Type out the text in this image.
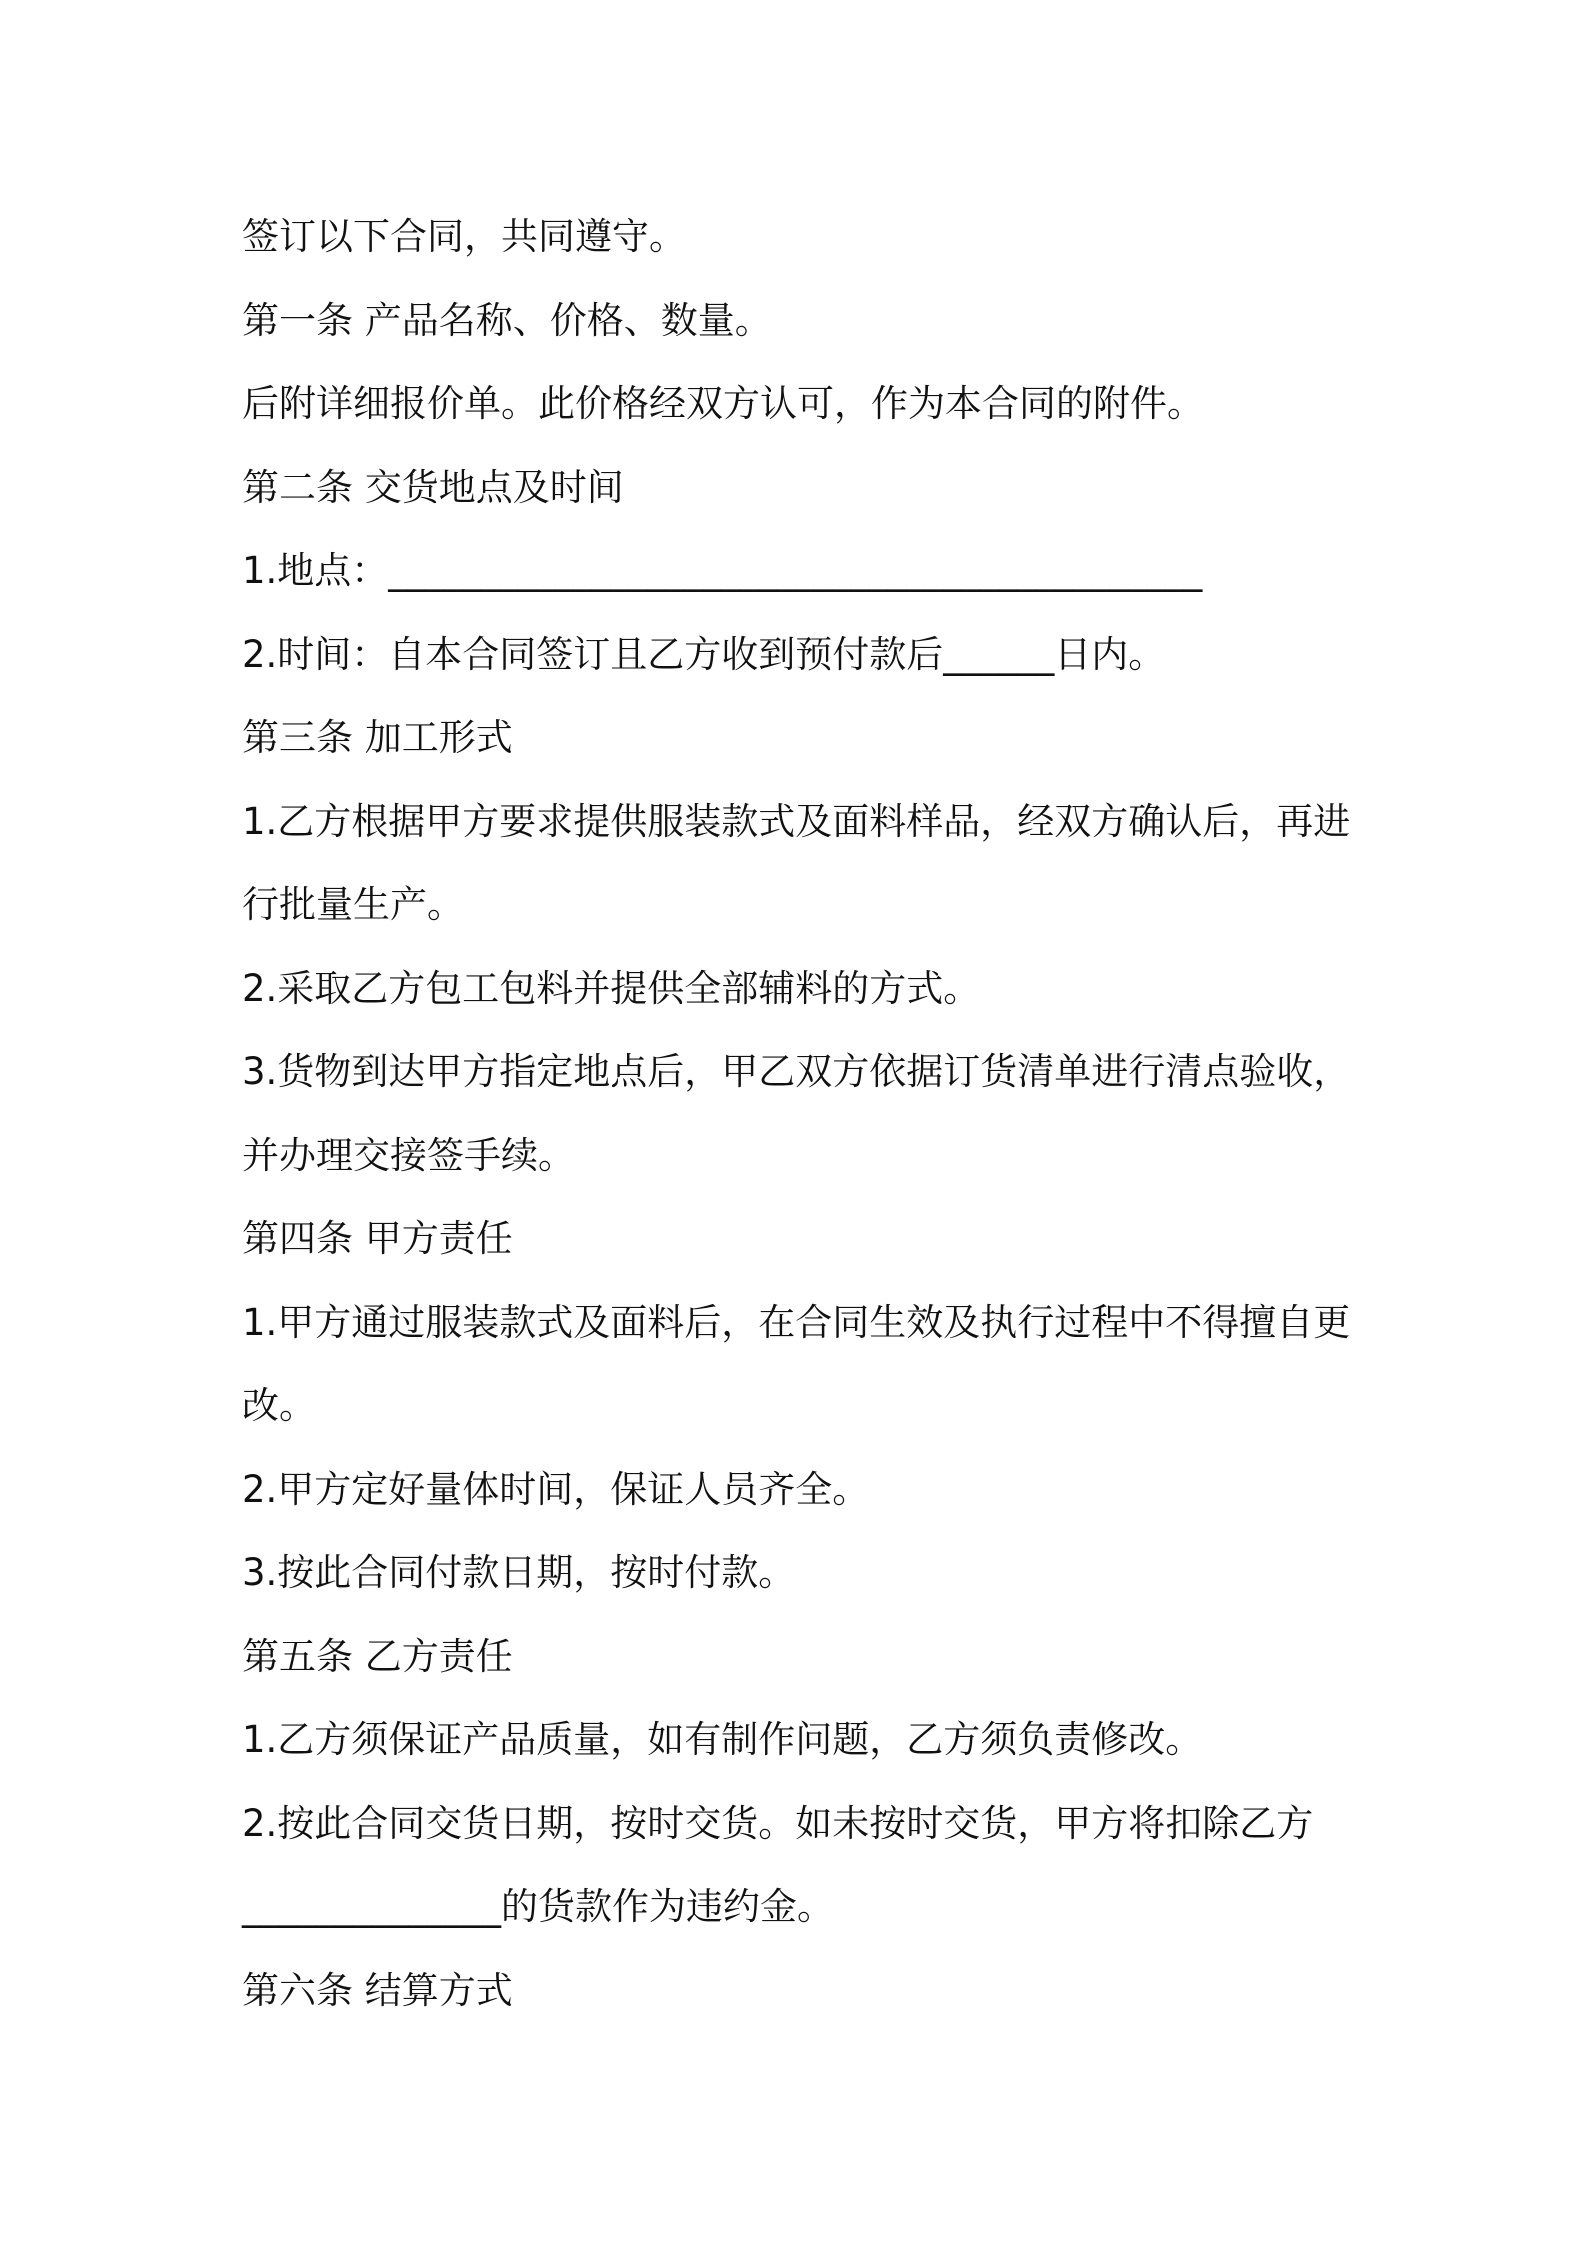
签订以下合同，共同遵守。
第一条 产品名称、价格、数量。
后附详细报价单。此价格经双方认可，作为本合同的附件。
第二条 交货地点及时间
1.地点：____________________________________________
2.时间：自本合同签订且乙方收到预付款后______日内。
第三条 加工形式
1.乙方根据甲方要求提供服装款式及面料样品，经双方确认后，再进
行批量生产。
2.采取乙方包工包料并提供全部辅料的方式。
3.货物到达甲方指定地点后，甲乙双方依据订货清单进行清点验收，
并办理交接签手续。
第四条 甲方责任
1.甲方通过服装款式及面料后，在合同生效及执行过程中不得擅自更
改。
2.甲方定好量体时间，保证人员齐全。
3.按此合同付款日期，按时付款。
第五条 乙方责任
1.乙方须保证产品质量，如有制作问题，乙方须负责修改。
2.按此合同交货日期，按时交货。如未按时交货，甲方将扣除乙方
______________的货款作为违约金。
第六条 结算方式
